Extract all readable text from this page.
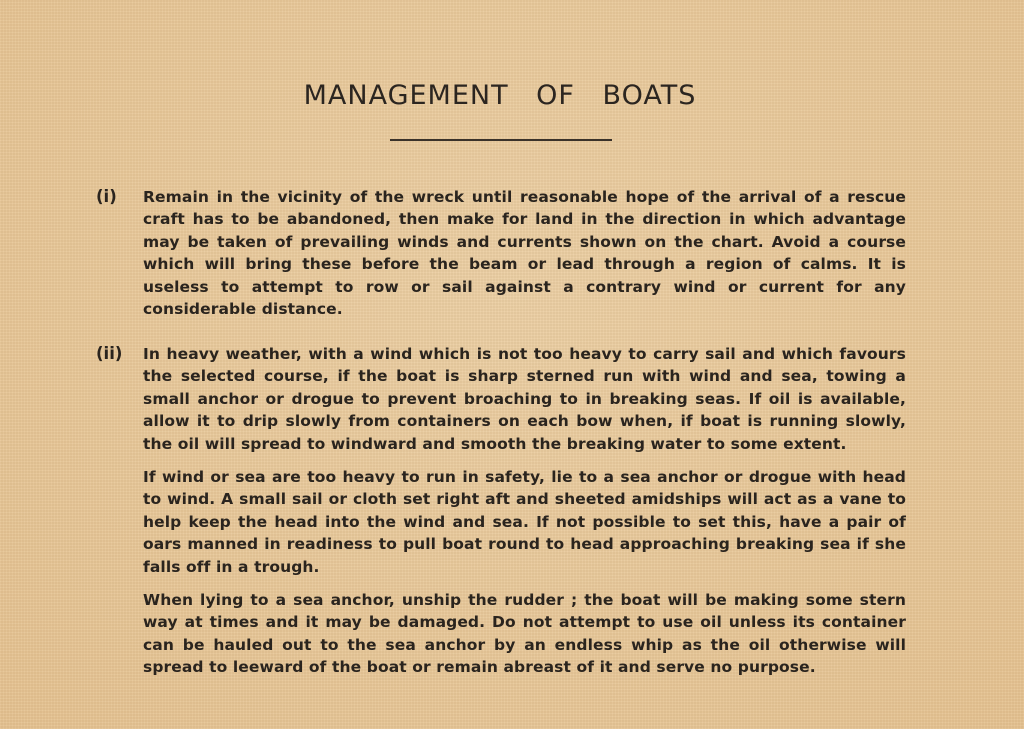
MANAGEMENT OF BOATS
(i) Remain in the vicinity of the wreck until reasonable hope of the arrival of a rescue craft has to be abandoned, then make for land in the direction in which advantage may be taken of prevailing winds and currents shown on the chart. Avoid a course which will bring these before the beam or lead through a region of calms. It is useless to attempt to row or sail against a contrary wind or current for any considerable distance.

(ii) In heavy weather, with a wind which is not too heavy to carry sail and which favours the selected course, if the boat is sharp sterned run with wind and sea, towing a small anchor or drogue to prevent broaching to in breaking seas. If oil is available, allow it to drip slowly from containers on each bow when, if boat is running slowly, the oil will spread to windward and smooth the breaking water to some extent.

If wind or sea are too heavy to run in safety, lie to a sea anchor or drogue with head to wind. A small sail or cloth set right aft and sheeted amidships will act as a vane to help keep the head into the wind and sea. If not possible to set this, have a pair of oars manned in readiness to pull boat round to head approaching breaking sea if she falls off in a trough.

When lying to a sea anchor, unship the rudder ; the boat will be making some stern way at times and it may be damaged. Do not attempt to use oil unless its container can be hauled out to the sea anchor by an endless whip as the oil otherwise will spread to leeward of the boat or remain abreast of it and serve no purpose.
